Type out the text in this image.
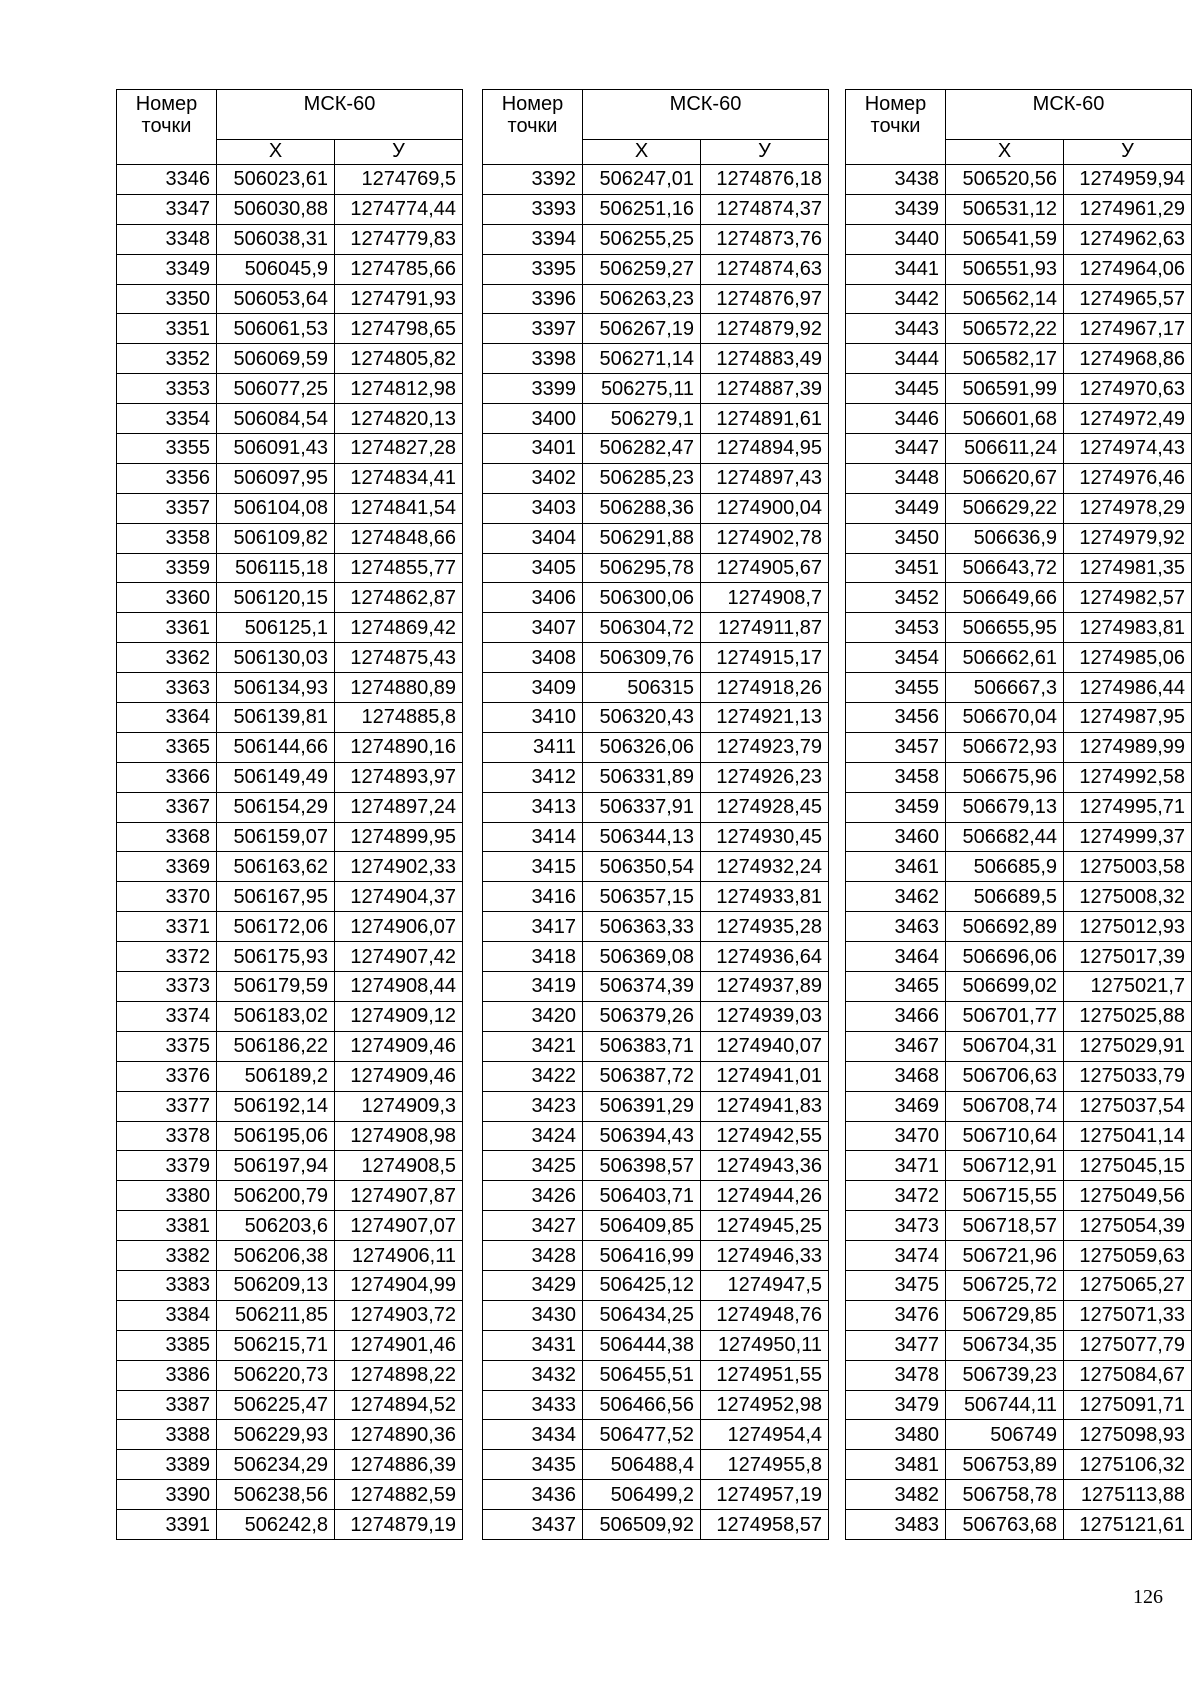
Номер
точки	МСК-60	
	X	У
3346	506023,61	1274769,5
3347	506030,88	1274774,44
3348	506038,31	1274779,83
3349	506045,9	1274785,66
3350	506053,64	1274791,93
3351	506061,53	1274798,65
3352	506069,59	1274805,82
3353	506077,25	1274812,98
3354	506084,54	1274820,13
3355	506091,43	1274827,28
3356	506097,95	1274834,41
3357	506104,08	1274841,54
3358	506109,82	1274848,66
3359	506115,18	1274855,77
3360	506120,15	1274862,87
3361	506125,1	1274869,42
3362	506130,03	1274875,43
3363	506134,93	1274880,89
3364	506139,81	1274885,8
3365	506144,66	1274890,16
3366	506149,49	1274893,97
3367	506154,29	1274897,24
3368	506159,07	1274899,95
3369	506163,62	1274902,33
3370	506167,95	1274904,37
3371	506172,06	1274906,07
3372	506175,93	1274907,42
3373	506179,59	1274908,44
3374	506183,02	1274909,12
3375	506186,22	1274909,46
3376	506189,2	1274909,46
3377	506192,14	1274909,3
3378	506195,06	1274908,98
3379	506197,94	1274908,5
3380	506200,79	1274907,87
3381	506203,6	1274907,07
3382	506206,38	1274906,11
3383	506209,13	1274904,99
3384	506211,85	1274903,72
3385	506215,71	1274901,46
3386	506220,73	1274898,22
3387	506225,47	1274894,52
3388	506229,93	1274890,36
3389	506234,29	1274886,39
3390	506238,56	1274882,59
3391	506242,8	1274879,19
Номер
точки	МСК-60	
	X	У
3392	506247,01	1274876,18
3393	506251,16	1274874,37
3394	506255,25	1274873,76
3395	506259,27	1274874,63
3396	506263,23	1274876,97
3397	506267,19	1274879,92
3398	506271,14	1274883,49
3399	506275,11	1274887,39
3400	506279,1	1274891,61
3401	506282,47	1274894,95
3402	506285,23	1274897,43
3403	506288,36	1274900,04
3404	506291,88	1274902,78
3405	506295,78	1274905,67
3406	506300,06	1274908,7
3407	506304,72	1274911,87
3408	506309,76	1274915,17
3409	506315	1274918,26
3410	506320,43	1274921,13
3411	506326,06	1274923,79
3412	506331,89	1274926,23
3413	506337,91	1274928,45
3414	506344,13	1274930,45
3415	506350,54	1274932,24
3416	506357,15	1274933,81
3417	506363,33	1274935,28
3418	506369,08	1274936,64
3419	506374,39	1274937,89
3420	506379,26	1274939,03
3421	506383,71	1274940,07
3422	506387,72	1274941,01
3423	506391,29	1274941,83
3424	506394,43	1274942,55
3425	506398,57	1274943,36
3426	506403,71	1274944,26
3427	506409,85	1274945,25
3428	506416,99	1274946,33
3429	506425,12	1274947,5
3430	506434,25	1274948,76
3431	506444,38	1274950,11
3432	506455,51	1274951,55
3433	506466,56	1274952,98
3434	506477,52	1274954,4
3435	506488,4	1274955,8
3436	506499,2	1274957,19
3437	506509,92	1274958,57
Номер
точки	МСК-60	
	X	У
3438	506520,56	1274959,94
3439	506531,12	1274961,29
3440	506541,59	1274962,63
3441	506551,93	1274964,06
3442	506562,14	1274965,57
3443	506572,22	1274967,17
3444	506582,17	1274968,86
3445	506591,99	1274970,63
3446	506601,68	1274972,49
3447	506611,24	1274974,43
3448	506620,67	1274976,46
3449	506629,22	1274978,29
3450	506636,9	1274979,92
3451	506643,72	1274981,35
3452	506649,66	1274982,57
3453	506655,95	1274983,81
3454	506662,61	1274985,06
3455	506667,3	1274986,44
3456	506670,04	1274987,95
3457	506672,93	1274989,99
3458	506675,96	1274992,58
3459	506679,13	1274995,71
3460	506682,44	1274999,37
3461	506685,9	1275003,58
3462	506689,5	1275008,32
3463	506692,89	1275012,93
3464	506696,06	1275017,39
3465	506699,02	1275021,7
3466	506701,77	1275025,88
3467	506704,31	1275029,91
3468	506706,63	1275033,79
3469	506708,74	1275037,54
3470	506710,64	1275041,14
3471	506712,91	1275045,15
3472	506715,55	1275049,56
3473	506718,57	1275054,39
3474	506721,96	1275059,63
3475	506725,72	1275065,27
3476	506729,85	1275071,33
3477	506734,35	1275077,79
3478	506739,23	1275084,67
3479	506744,11	1275091,71
3480	506749	1275098,93
3481	506753,89	1275106,32
3482	506758,78	1275113,88
3483	506763,68	1275121,61
126
